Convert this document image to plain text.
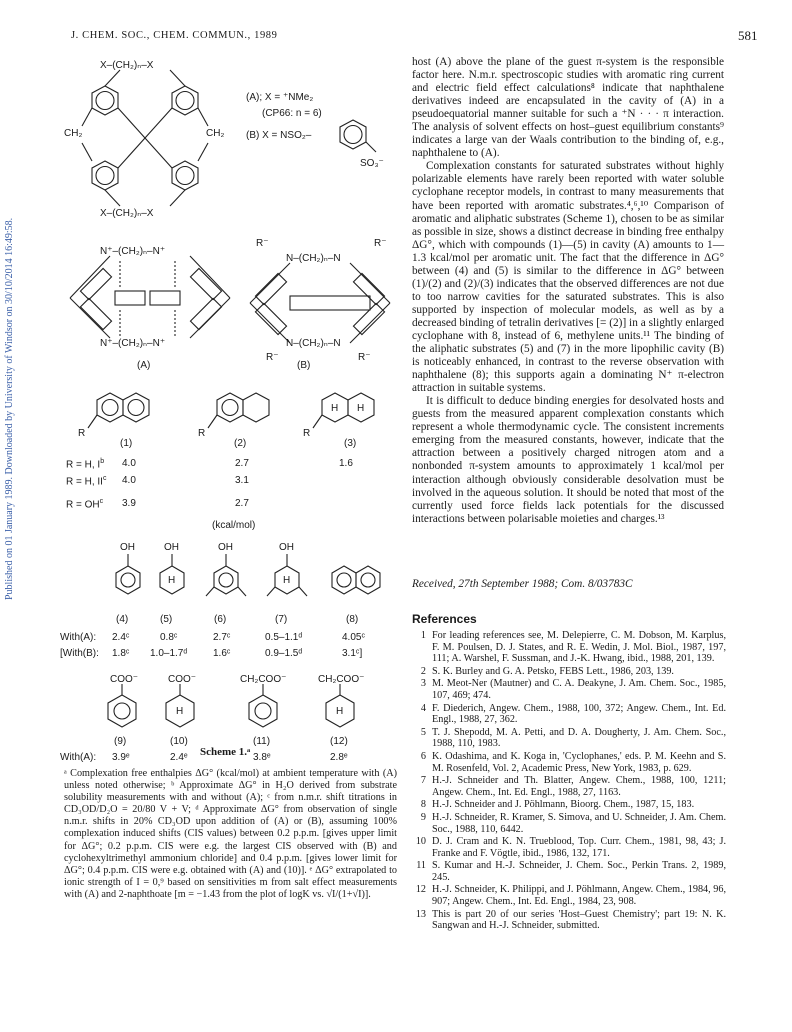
J. CHEM. SOC., CHEM. COMMUN., 1989	581
Published on 01 January 1989. Downloaded by University of Windsor on 30/10/2014 16:49:58.
X–(CH₂)ₙ–X
X–(CH₂)ₙ–X
CH₂	CH₂
(A); X = ⁺NMe₂
(CP66: n = 6)
(B) X = NSO₂–
SO₃⁻
N⁺–(CH₂)ₙ–N⁺
N⁺–(CH₂)ₙ–N⁺
(A)
R⁻	R⁻
N–(CH₂)ₙ–N
N–(CH₂)ₙ–N
R⁻	R⁻
(B)
R	R	R
H H
(1)	(2)	(3)
R = H, $I^b$ 4.0	2.7	1.6
R = H, $II^c$ 4.0	3.1
$R = OH^c$ 3.9	2.7
(kcal/mol)
OH	OH	OH	OH
H	H
(4)	(5)	(6)	(7)	(8)
With(A): 2.4ᶜ	0.8ᶜ	2.7ᶜ	0.5–1.1ᵈ	4.05ᶜ
[With(B): 1.8ᶜ 1.0–1.7ᵈ	1.6ᶜ	0.9–1.5ᵈ	3.1ᶜ]
COO⁻	COO⁻	CH₂COO⁻	CH₂COO⁻
H	H
(9)	(10)	(11)	(12)
With(A): 3.9ᵉ	2.4ᵉ	3.8ᵉ	2.8ᵉ
Scheme 1.ᵃ
ᵃ Complexation free enthalpies ΔG° (kcal/mol) at ambient temperature with (A) unless noted otherwise; ᵇ Approximate ΔG° in H₂O derived from substrate solubility measurements with and without (A); ᶜ from n.m.r. shift titrations in CD₃OD/D₂O = 20/80 V + V; ᵈ Approximate ΔG° from observation of single n.m.r. shifts in 20% CD₃OD upon addition of (A) or (B), assuming 100% complexation induced shifts (CIS values) between 0.2 p.p.m. [gives upper limit for ΔG°; 0.2 p.p.m. CIS were e.g. the largest CIS observed with (B) and cyclohexyltrimethyl ammonium chloride] and 0.4 p.p.m. [gives lower limit for ΔG°; 0.4 p.p.m. CIS were e.g. obtained with (A) and (10)]. ᵉ ΔG° extrapolated to ionic strength of I = 0,⁹ based on sensitivities m from salt effect measurements with (A) and 2-naphthoate [m = −1.43 from the plot of logK vs. √I/(1+√I)].

host (A) above the plane of the guest π-system is the responsible factor here. N.m.r. spectroscopic studies with aromatic ring current and electric field effect calculations⁸ indicate that naphthalene derivatives indeed are encapsulated in the cavity of (A) in a pseudoequatorial manner suitable for such a ⁺N · · · π interaction. The analysis of solvent effects on host–guest equilibrium constants⁹ indicates a large van der Waals contribution to the binding of, e.g., naphthalene to (A).

Complexation constants for saturated substrates without highly polarizable elements have rarely been reported with water soluble cyclophane receptor models, in contrast to many measurements that have been reported with aromatic substrates.⁴,⁶,¹⁰ Comparison of aromatic and aliphatic substrates (Scheme 1), chosen to be as similar as possible in size, shows a distinct decrease in binding free enthalpy ΔG°, which with compounds (1)—(5) in cavity (A) amounts to 1—1.3 kcal/mol per aromatic unit. The fact that the difference in ΔG° between (4) and (5) is similar to the difference in ΔG° between (1)/(2) and (2)/(3) indicates that the observed differences are not due to too narrow cavities for the saturated substrates. This is also supported by inspection of molecular models, as well as by a decreased binding of tetralin derivatives [= (2)] in a slightly enlarged cyclophane with 8, instead of 6, methylene units.¹¹ The binding of the aliphatic substrates (5) and (7) in the more lipophilic cavity (B) is noticeably enhanced, in contrast to the reverse observation with naphthalene (8); this supports again a dominating N⁺ π-electron attraction in suitable systems.

It is difficult to deduce binding energies for desolvated hosts and guests from the measured apparent complexation constants which represent a whole thermodynamic cycle. The consistent increments emerging from the measured constants, however, indicate that the attraction between a positively charged nitrogen atom and a nonbonded π-system amounts to approximately 1 kcal/mol per interaction although obviously considerable desolvation must be involved in the aqueous solution. It should be noted that most of the currently used force fields lack potentials for the discussed interactions between polarisable moieties and charges.¹³

Received, 27th September 1988; Com. 8/03783C
References
1 For leading references see, M. Delepierre, C. M. Dobson, M. Karplus, F. M. Poulsen, D. J. States, and R. E. Wedin, J. Mol. Biol., 1987, 197, 111; A. Warshel, F. Sussman, and J.-K. Hwang, ibid., 1988, 201, 139.
2 S. K. Burley and G. A. Petsko, FEBS Lett., 1986, 203, 139.
3 M. Meot-Ner (Mautner) and C. A. Deakyne, J. Am. Chem. Soc., 1985, 107, 469; 474.
4 F. Diederich, Angew. Chem., 1988, 100, 372; Angew. Chem., Int. Ed. Engl., 1988, 27, 362.
5 T. J. Shepodd, M. A. Petti, and D. A. Dougherty, J. Am. Chem. Soc., 1988, 110, 1983.
6 K. Odashima, and K. Koga in, 'Cyclophanes,' eds. P. M. Keehn and S. M. Rosenfeld, Vol. 2, Academic Press, New York, 1983, p. 629.
7 H.-J. Schneider and Th. Blatter, Angew. Chem., 1988, 100, 1211; Angew. Chem., Int. Ed. Engl., 1988, 27, 1163.
8 H.-J. Schneider and J. Pöhlmann, Bioorg. Chem., 1987, 15, 183.
9 H.-J. Schneider, R. Kramer, S. Simova, and U. Schneider, J. Am. Chem. Soc., 1988, 110, 6442.
10 D. J. Cram and K. N. Trueblood, Top. Curr. Chem., 1981, 98, 43; J. Franke and F. Vögtle, ibid., 1986, 132, 171.
11 S. Kumar and H.-J. Schneider, J. Chem. Soc., Perkin Trans. 2, 1989, 245.
12 H.-J. Schneider, K. Philippi, and J. Pöhlmann, Angew. Chem., 1984, 96, 907; Angew. Chem., Int. Ed. Engl., 1984, 23, 908.
13 This is part 20 of our series 'Host–Guest Chemistry'; part 19: N. K. Sangwan and H.-J. Schneider, submitted.
